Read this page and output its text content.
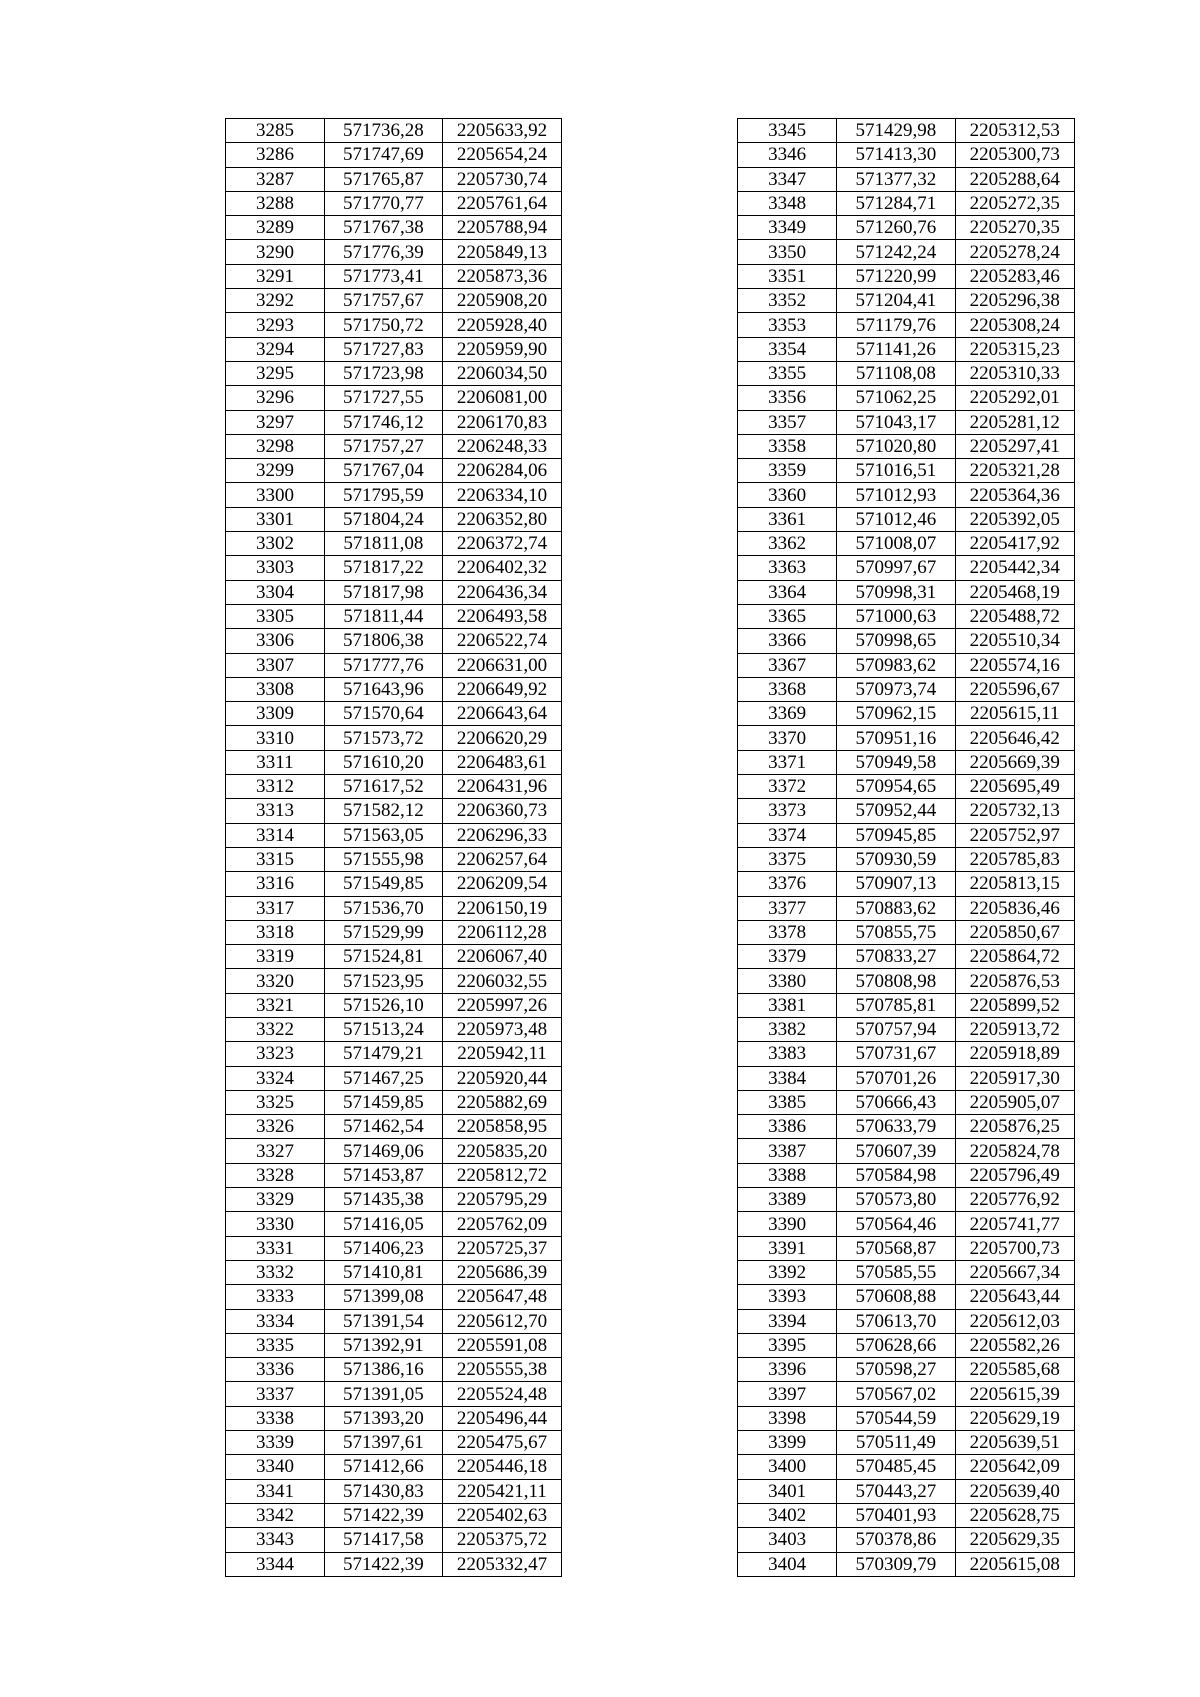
3285	571736,28	2205633,92
3286	571747,69	2205654,24
3287	571765,87	2205730,74
3288	571770,77	2205761,64
3289	571767,38	2205788,94
3290	571776,39	2205849,13
3291	571773,41	2205873,36
3292	571757,67	2205908,20
3293	571750,72	2205928,40
3294	571727,83	2205959,90
3295	571723,98	2206034,50
3296	571727,55	2206081,00
3297	571746,12	2206170,83
3298	571757,27	2206248,33
3299	571767,04	2206284,06
3300	571795,59	2206334,10
3301	571804,24	2206352,80
3302	571811,08	2206372,74
3303	571817,22	2206402,32
3304	571817,98	2206436,34
3305	571811,44	2206493,58
3306	571806,38	2206522,74
3307	571777,76	2206631,00
3308	571643,96	2206649,92
3309	571570,64	2206643,64
3310	571573,72	2206620,29
3311	571610,20	2206483,61
3312	571617,52	2206431,96
3313	571582,12	2206360,73
3314	571563,05	2206296,33
3315	571555,98	2206257,64
3316	571549,85	2206209,54
3317	571536,70	2206150,19
3318	571529,99	2206112,28
3319	571524,81	2206067,40
3320	571523,95	2206032,55
3321	571526,10	2205997,26
3322	571513,24	2205973,48
3323	571479,21	2205942,11
3324	571467,25	2205920,44
3325	571459,85	2205882,69
3326	571462,54	2205858,95
3327	571469,06	2205835,20
3328	571453,87	2205812,72
3329	571435,38	2205795,29
3330	571416,05	2205762,09
3331	571406,23	2205725,37
3332	571410,81	2205686,39
3333	571399,08	2205647,48
3334	571391,54	2205612,70
3335	571392,91	2205591,08
3336	571386,16	2205555,38
3337	571391,05	2205524,48
3338	571393,20	2205496,44
3339	571397,61	2205475,67
3340	571412,66	2205446,18
3341	571430,83	2205421,11
3342	571422,39	2205402,63
3343	571417,58	2205375,72
3344	571422,39	2205332,47
3345	571429,98	2205312,53
3346	571413,30	2205300,73
3347	571377,32	2205288,64
3348	571284,71	2205272,35
3349	571260,76	2205270,35
3350	571242,24	2205278,24
3351	571220,99	2205283,46
3352	571204,41	2205296,38
3353	571179,76	2205308,24
3354	571141,26	2205315,23
3355	571108,08	2205310,33
3356	571062,25	2205292,01
3357	571043,17	2205281,12
3358	571020,80	2205297,41
3359	571016,51	2205321,28
3360	571012,93	2205364,36
3361	571012,46	2205392,05
3362	571008,07	2205417,92
3363	570997,67	2205442,34
3364	570998,31	2205468,19
3365	571000,63	2205488,72
3366	570998,65	2205510,34
3367	570983,62	2205574,16
3368	570973,74	2205596,67
3369	570962,15	2205615,11
3370	570951,16	2205646,42
3371	570949,58	2205669,39
3372	570954,65	2205695,49
3373	570952,44	2205732,13
3374	570945,85	2205752,97
3375	570930,59	2205785,83
3376	570907,13	2205813,15
3377	570883,62	2205836,46
3378	570855,75	2205850,67
3379	570833,27	2205864,72
3380	570808,98	2205876,53
3381	570785,81	2205899,52
3382	570757,94	2205913,72
3383	570731,67	2205918,89
3384	570701,26	2205917,30
3385	570666,43	2205905,07
3386	570633,79	2205876,25
3387	570607,39	2205824,78
3388	570584,98	2205796,49
3389	570573,80	2205776,92
3390	570564,46	2205741,77
3391	570568,87	2205700,73
3392	570585,55	2205667,34
3393	570608,88	2205643,44
3394	570613,70	2205612,03
3395	570628,66	2205582,26
3396	570598,27	2205585,68
3397	570567,02	2205615,39
3398	570544,59	2205629,19
3399	570511,49	2205639,51
3400	570485,45	2205642,09
3401	570443,27	2205639,40
3402	570401,93	2205628,75
3403	570378,86	2205629,35
3404	570309,79	2205615,08
